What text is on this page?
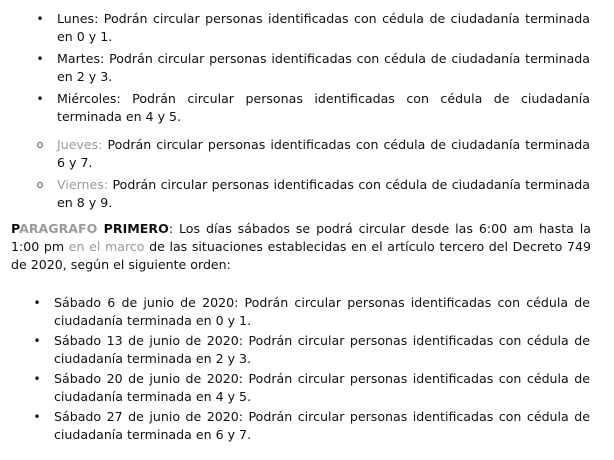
• Lunes: Podrán circular personas identificadas con cédula de ciudadanía terminada en 0 y 1.
• Martes: Podrán circular personas identificadas con cédula de ciudadanía terminada en 2 y 3.
• Miércoles: Podrán circular personas identificadas con cédula de ciudadanía terminada en 4 y 5.
o Jueves: Podrán circular personas identificadas con cédula de ciudadanía terminada 6 y 7.
o Viernes: Podrán circular personas identificadas con cédula de ciudadanía terminada en 8 y 9.

PARAGRAFO PRIMERO: Los días sábados se podrá circular desde las 6:00 am hasta la 1:00 pm en el marco de las situaciones establecidas en el artículo tercero del Decreto 749 de 2020, según el siguiente orden:

• Sábado 6 de junio de 2020: Podrán circular personas identificadas con cédula de ciudadanía terminada en 0 y 1.
• Sábado 13 de junio de 2020: Podrán circular personas identificadas con cédula de ciudadanía terminada en 2 y 3.
• Sábado 20 de junio de 2020: Podrán circular personas identificadas con cédula de ciudadanía terminada en 4 y 5.
• Sábado 27 de junio de 2020: Podrán circular personas identificadas con cédula de ciudadanía terminada en 6 y 7.
